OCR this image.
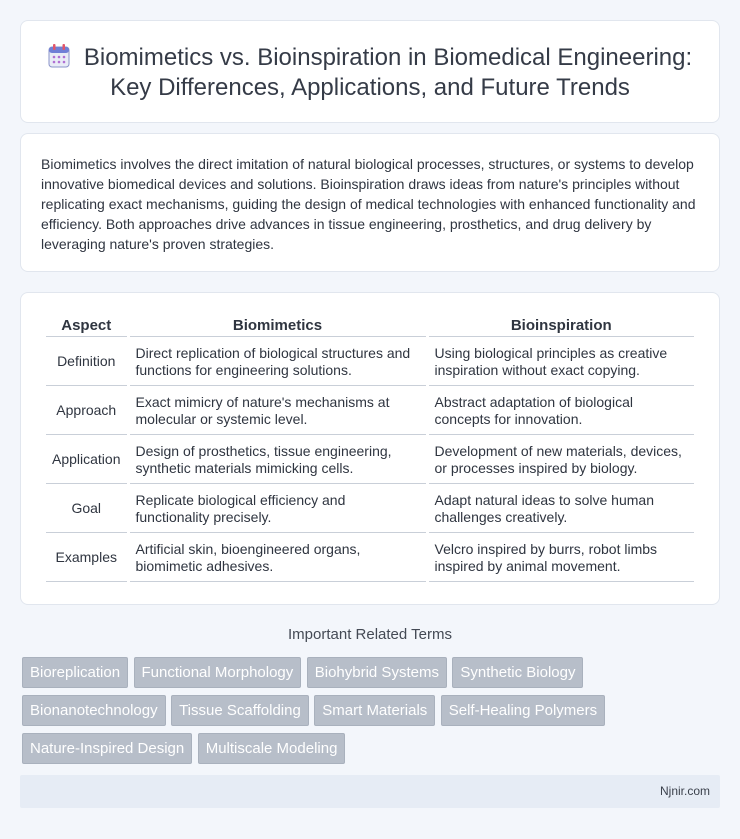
Biomimetics vs. Bioinspiration in Biomedical Engineering: Key Differences, Applications, and Future Trends

Biomimetics involves the direct imitation of natural biological processes, structures, or systems to develop innovative biomedical devices and solutions. Bioinspiration draws ideas from nature's principles without replicating exact mechanisms, guiding the design of medical technologies with enhanced functionality and efficiency. Both approaches drive advances in tissue engineering, prosthetics, and drug delivery by leveraging nature's proven strategies.

Aspect	Biomimetics	Bioinspiration
Definition	Direct replication of biological structures and functions for engineering solutions.	Using biological principles as creative inspiration without exact copying.
Approach	Exact mimicry of nature's mechanisms at molecular or systemic level.	Abstract adaptation of biological concepts for innovation.
Application	Design of prosthetics, tissue engineering, synthetic materials mimicking cells.	Development of new materials, devices, or processes inspired by biology.
Goal	Replicate biological efficiency and functionality precisely.	Adapt natural ideas to solve human challenges creatively.
Examples	Artificial skin, bioengineered organs, biomimetic adhesives.	Velcro inspired by burrs, robot limbs inspired by animal movement.
Important Related Terms
Bioreplication Functional Morphology Biohybrid Systems Synthetic Biology
Bionanotechnology Tissue Scaffolding Smart Materials Self-Healing Polymers
Nature-Inspired Design Multiscale Modeling
Njnir.com
